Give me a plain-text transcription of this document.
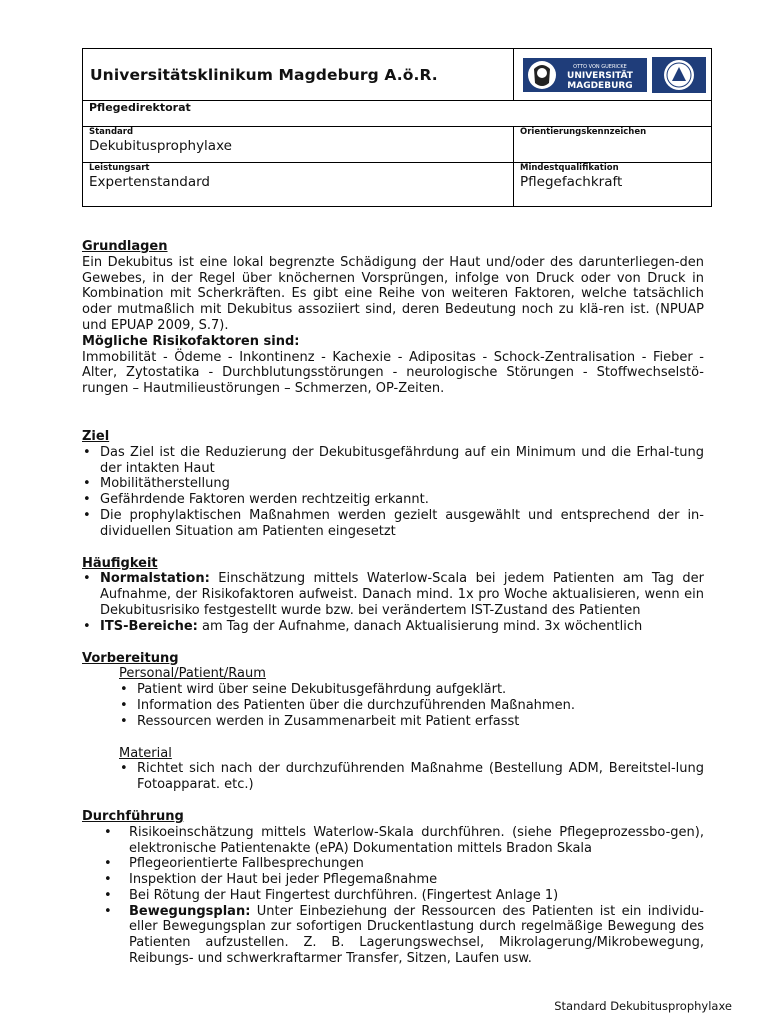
Universitätsklinikum Magdeburg A.ö.R.	OTTO VON GUERICKE
UNIVERSITÄT
MAGDEBURG
Pflegedirektorat
Standard
Dekubitusprophylaxe
Orientierungskennzeichen
Leistungsart
Expertenstandard
Mindestqualifikation
Pflegefachkraft
Grundlagen

Ein Dekubitus ist eine lokal begrenzte Schädigung der Haut und/oder des darunterliegen-den Gewebes, in der Regel über knöchernen Vorsprüngen, infolge von Druck oder von Druck in Kombination mit Scherkräften. Es gibt eine Reihe von weiteren Faktoren, welche tatsächlich oder mutmaßlich mit Dekubitus assoziiert sind, deren Bedeutung noch zu klä-ren ist. (NPUAP und EPUAP 2009, S.7).

Mögliche Risikofaktoren sind:

Immobilität - Ödeme - Inkontinenz - Kachexie - Adipositas - Schock-Zentralisation - Fieber - Alter, Zytostatika - Durchblutungsstörungen - neurologische Störungen - Stoffwechselstö-rungen – Hautmilieustörungen – Schmerzen, OP-Zeiten.

Ziel
• Das Ziel ist die Reduzierung der Dekubitusgefährdung auf ein Minimum und die Erhal-tung der intakten Haut
• Mobilitätherstellung
• Gefährdende Faktoren werden rechtzeitig erkannt.
• Die prophylaktischen Maßnahmen werden gezielt ausgewählt und entsprechend der in-dividuellen Situation am Patienten eingesetzt
Häufigkeit
• Normalstation: Einschätzung mittels Waterlow-Scala bei jedem Patienten am Tag der Aufnahme, der Risikofaktoren aufweist. Danach mind. 1x pro Woche aktualisieren, wenn ein Dekubitusrisiko festgestellt wurde bzw. bei verändertem IST-Zustand des Patienten
• ITS-Bereiche: am Tag der Aufnahme, danach Aktualisierung mind. 3x wöchentlich
Vorbereitung
Personal/Patient/Raum
• Patient wird über seine Dekubitusgefährdung aufgeklärt.
• Information des Patienten über die durchzuführenden Maßnahmen.
• Ressourcen werden in Zusammenarbeit mit Patient erfasst
Material
• Richtet sich nach der durchzuführenden Maßnahme (Bestellung ADM, Bereitstel-lung Fotoapparat. etc.)
Durchführung
• Risikoeinschätzung mittels Waterlow-Skala durchführen. (siehe Pflegeprozessbo-gen), elektronische Patientenakte (ePA) Dokumentation mittels Bradon Skala
• Pflegeorientierte Fallbesprechungen
• Inspektion der Haut bei jeder Pflegemaßnahme
• Bei Rötung der Haut Fingertest durchführen. (Fingertest Anlage 1)
• Bewegungsplan: Unter Einbeziehung der Ressourcen des Patienten ist ein individu-eller Bewegungsplan zur sofortigen Druckentlastung durch regelmäßige Bewegung des Patienten aufzustellen. Z. B. Lagerungswechsel, Mikrolagerung/Mikrobewegung, Reibungs- und schwerkraftarmer Transfer, Sitzen, Laufen usw.
Standard Dekubitusprophylaxe
